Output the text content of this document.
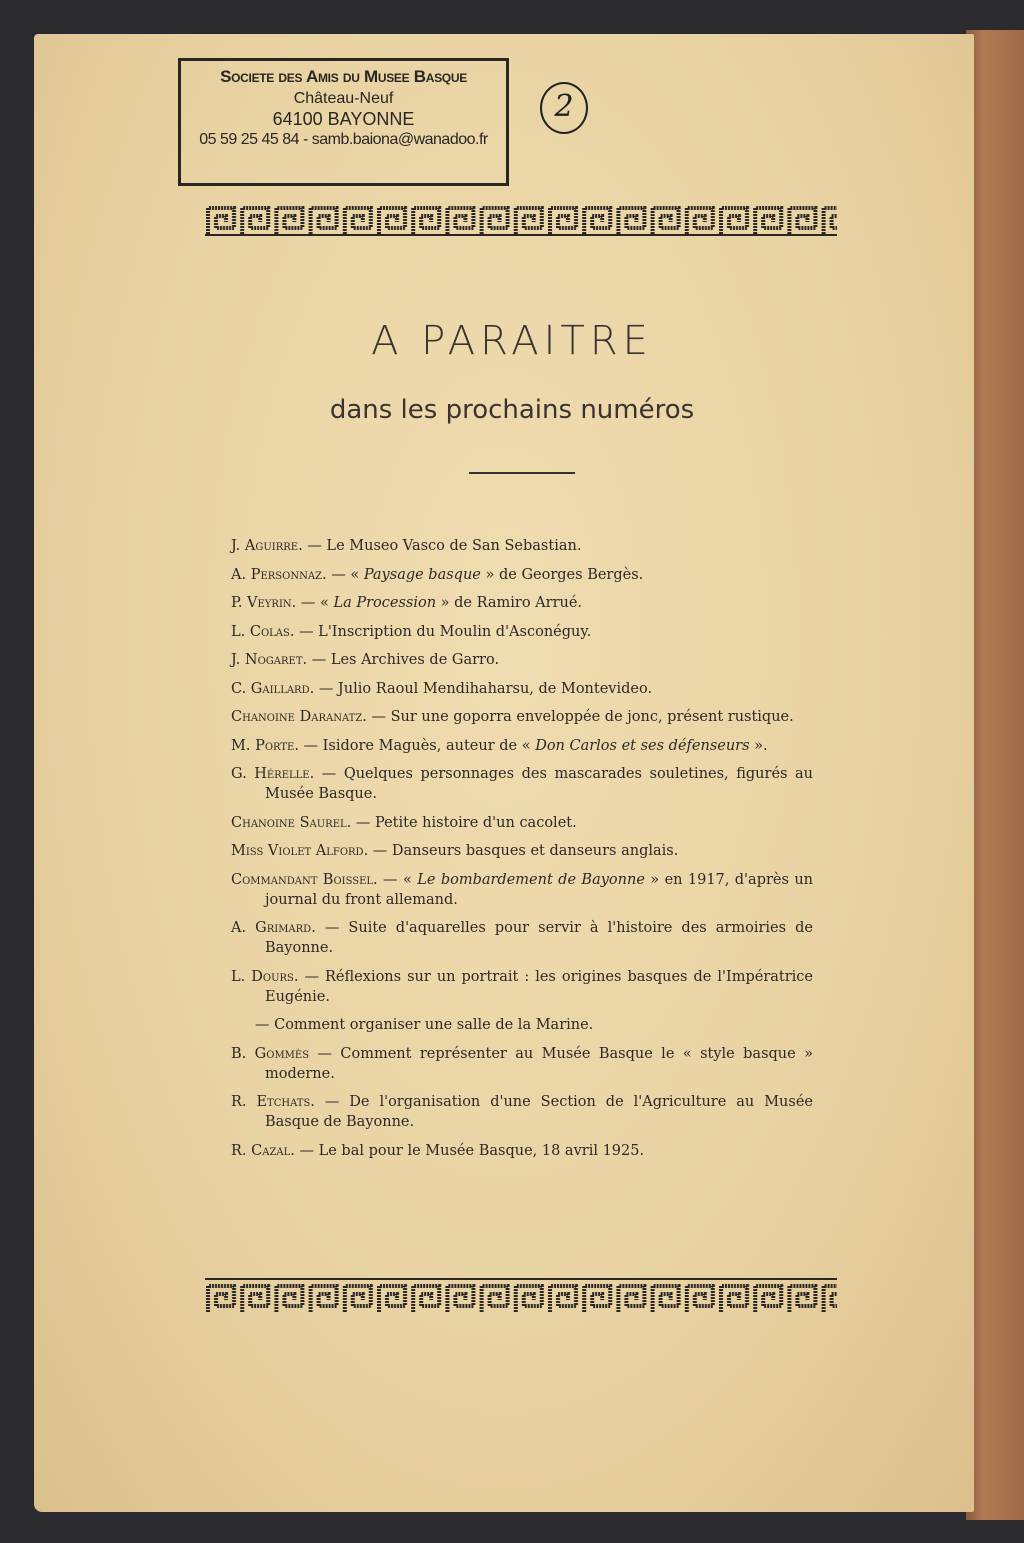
Societe des Amis du Musee Basque
Château-Neuf
64100 BAYONNE
05 59 25 45 84 - samb.baiona@wanadoo.fr
2
A PARAITRE
dans les prochains numéros
J. Aguirre. — Le Museo Vasco de San Sebastian.
A. Personnaz. — « Paysage basque » de Georges Bergès.
P. Veyrin. — « La Procession » de Ramiro Arrué.
L. Colas. — L'Inscription du Moulin d'Asconéguy.
J. Nogaret. — Les Archives de Garro.
C. Gaillard. — Julio Raoul Mendihaharsu, de Montevideo.
Chanoine Daranatz. — Sur une goporra enveloppée de jonc, présent rustique.
M. Porte. — Isidore Maguès, auteur de « Don Carlos et ses défenseurs ».
G. Hérelle. — Quelques personnages des mascarades souletines, figurés au Musée Basque.
Chanoine Saurel. — Petite histoire d'un cacolet.
Miss Violet Alford. — Danseurs basques et danseurs anglais.
Commandant Boissel. — « Le bombardement de Bayonne » en 1917, d'après un journal du front allemand.
A. Grimard. — Suite d'aquarelles pour servir à l'histoire des armoiries de Bayonne.
L. Dours. — Réflexions sur un portrait : les origines basques de l'Impératrice Eugénie.
— Comment organiser une salle de la Marine.
B. Gommès — Comment représenter au Musée Basque le « style basque » moderne.
R. Etchats. — De l'organisation d'une Section de l'Agriculture au Musée Basque de Bayonne.
R. Cazal. — Le bal pour le Musée Basque, 18 avril 1925.
